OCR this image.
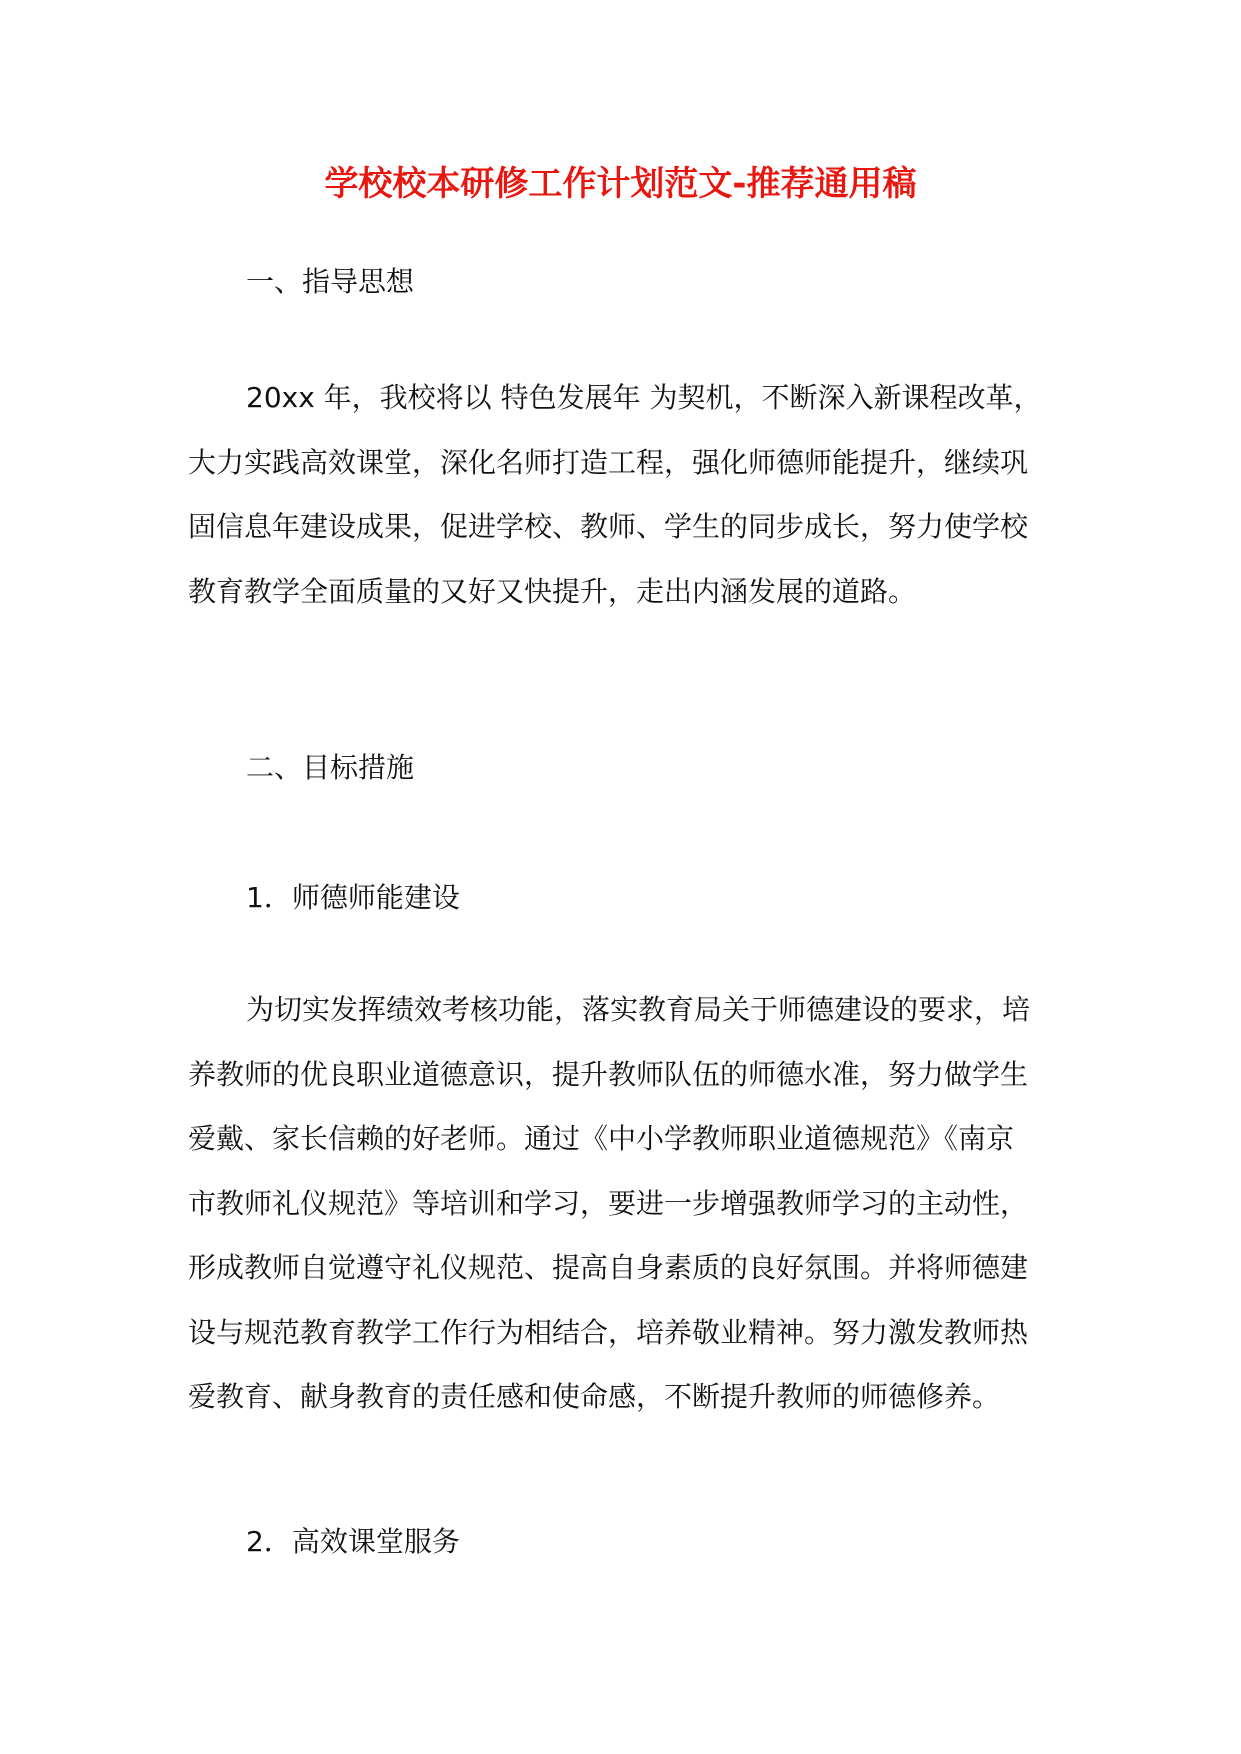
学校校本研修工作计划范文-推荐通用稿

一、指导思想

20xx 年，我校将以 特色发展年 为契机，不断深入新课程改革，
大力实践高效课堂，深化名师打造工程，强化师德师能提升，继续巩
固信息年建设成果，促进学校、教师、学生的同步成长，努力使学校
教育教学全面质量的又好又快提升，走出内涵发展的道路。

二、目标措施

1．师德师能建设

为切实发挥绩效考核功能，落实教育局关于师德建设的要求，培
养教师的优良职业道德意识，提升教师队伍的师德水准，努力做学生
爱戴、家长信赖的好老师。通过《中小学教师职业道德规范》《南京
市教师礼仪规范》等培训和学习，要进一步增强教师学习的主动性，
形成教师自觉遵守礼仪规范、提高自身素质的良好氛围。并将师德建
设与规范教育教学工作行为相结合，培养敬业精神。努力激发教师热
爱教育、献身教育的责任感和使命感，不断提升教师的师德修养。

2．高效课堂服务
